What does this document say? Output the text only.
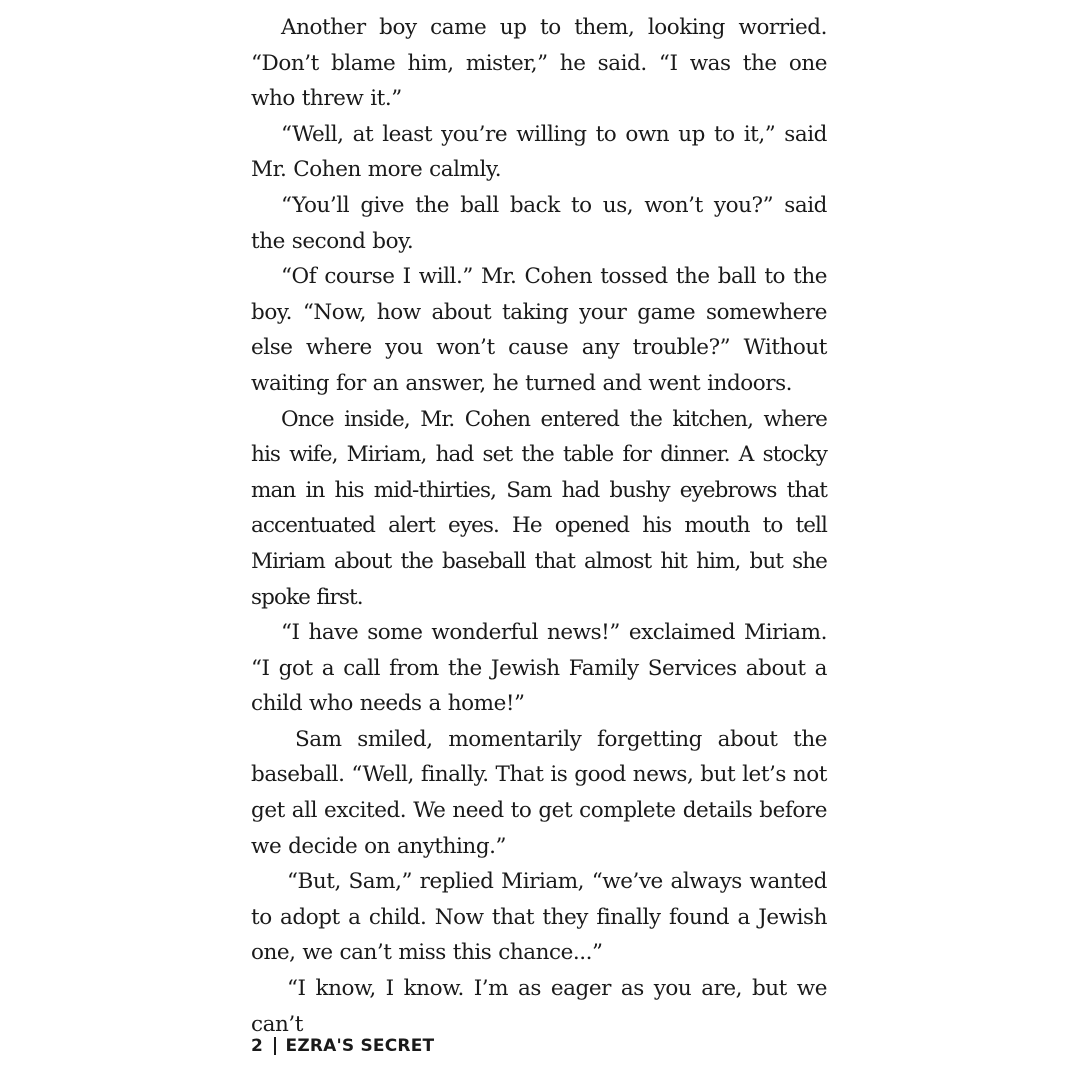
Another boy came up to them, looking worried. “Don’t blame him, mister,” he said. “I was the one who threw it.”

“Well, at least you’re willing to own up to it,” said Mr. Cohen more calmly.

“You’ll give the ball back to us, won’t you?” said the second boy.

“Of course I will.” Mr. Cohen tossed the ball to the boy. “Now, how about taking your game somewhere else where you won’t cause any trouble?” Without waiting for an answer, he turned and went indoors.

Once inside, Mr. Cohen entered the kitchen, where his wife, Miriam, had set the table for dinner. A stocky man in his mid-thirties, Sam had bushy eyebrows that accentuated alert eyes. He opened his mouth to tell Miriam about the baseball that almost hit him, but she spoke first.

“I have some wonderful news!” exclaimed Miriam. “I got a call from the Jewish Family Services about a child who needs a home!”

Sam smiled, momentarily forgetting about the baseball. “Well, finally. That is good news, but let’s not get all excited. We need to get complete details before we decide on anything.”

“But, Sam,” replied Miriam, “we’ve always wanted to adopt a child. Now that they finally found a Jewish one, we can’t miss this chance...”

“I know, I know. I’m as eager as you are, but we can’t

2 EZRA'S SECRET
